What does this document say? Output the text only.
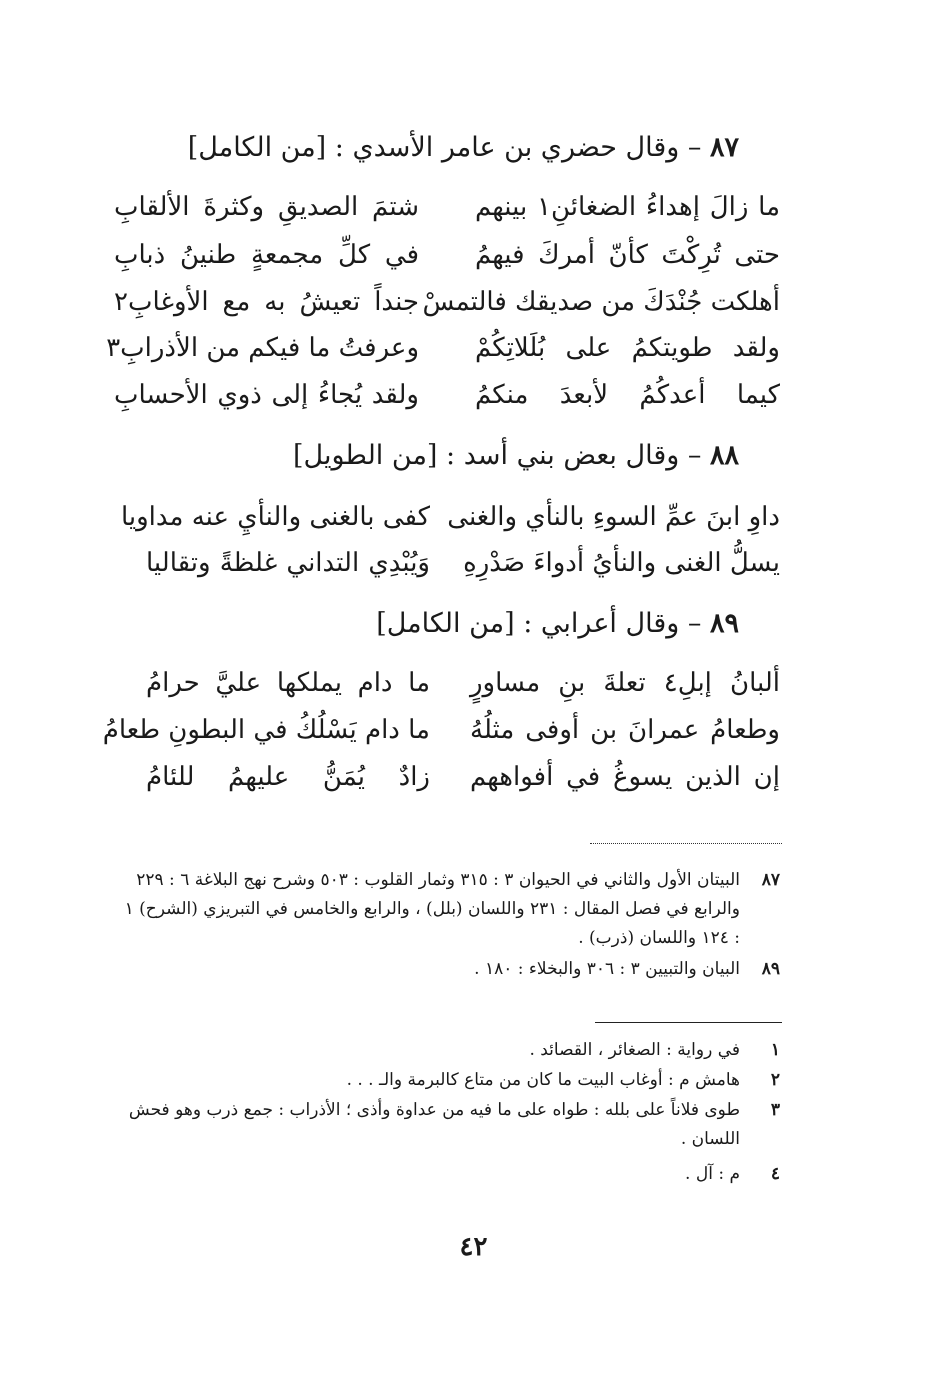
٨٧ – وقال حضري بن عامر الأسدي : [من الكامل]
ما زالَ إهداءُ الضغائنِ١ بينهم
شتمَ الصديقِ وكثرةَ الألقابِ
حتى تُرِكْتَ كأنّ أمركَ فيهمُ
في كلِّ مجمعةٍ طنينُ ذبابِ
أهلكت جُنْدَكَ من صديقك فالتمسْ
جنداً تعيشُ به مع الأوغابِ٢
ولقد طويتكمُ على بُلَلاتِكُمْ
وعرفتُ ما فيكم من الأذرابِ٣
كيما أعدكُمُ لأبعدَ منكمُ
ولقد يُجاءُ إلى ذوي الأحسابِ
٨٨ – وقال بعض بني أسد : [من الطويل]
داوِ ابنَ عمِّ السوءِ بالنأي والغنى
كفى بالغنى والنأيِ عنه مداويا
يسلُّ الغنى والنأيُ أدواءَ صَدْرِهِ
وَيُبْدِي التداني غلظةً وتقاليا
٨٩ – وقال أعرابي : [من الكامل]
ألبانُ إبلِ٤ تعلةَ بنِ مساورٍ
ما دام يملكها عليَّ حرامُ
وطعامُ عمرانَ بن أوفى مثلُهُ
ما دام يَسْلُكُ في البطونِ طعامُ
إن الذين يسوغُ في أفواههم
زادٌ يُمَنُّ عليهمُ للئامُ
٨٧
البيتان الأول والثاني في الحيوان ٣ : ٣١٥ وثمار القلوب : ٥٠٣ وشرح نهج البلاغة ٦ : ٢٢٩ والرابع في فصل المقال : ٢٣١ واللسان (بلل) ، والرابع والخامس في التبريزي (الشرح) ١ : ١٢٤ واللسان (ذرب) .
٨٩
البيان والتبيين ٣ : ٣٠٦ والبخلاء : ١٨٠ .
١
في رواية : الصغائر ، القصائد .
٢
هامش م : أوغاب البيت ما كان من متاع كالبرمة والـ . . .
٣
طوى فلاناً على بلله : طواه على ما فيه من عداوة وأذى ؛ الأذراب : جمع ذرب وهو فحش اللسان .
٤
م : آل .
٤٢
